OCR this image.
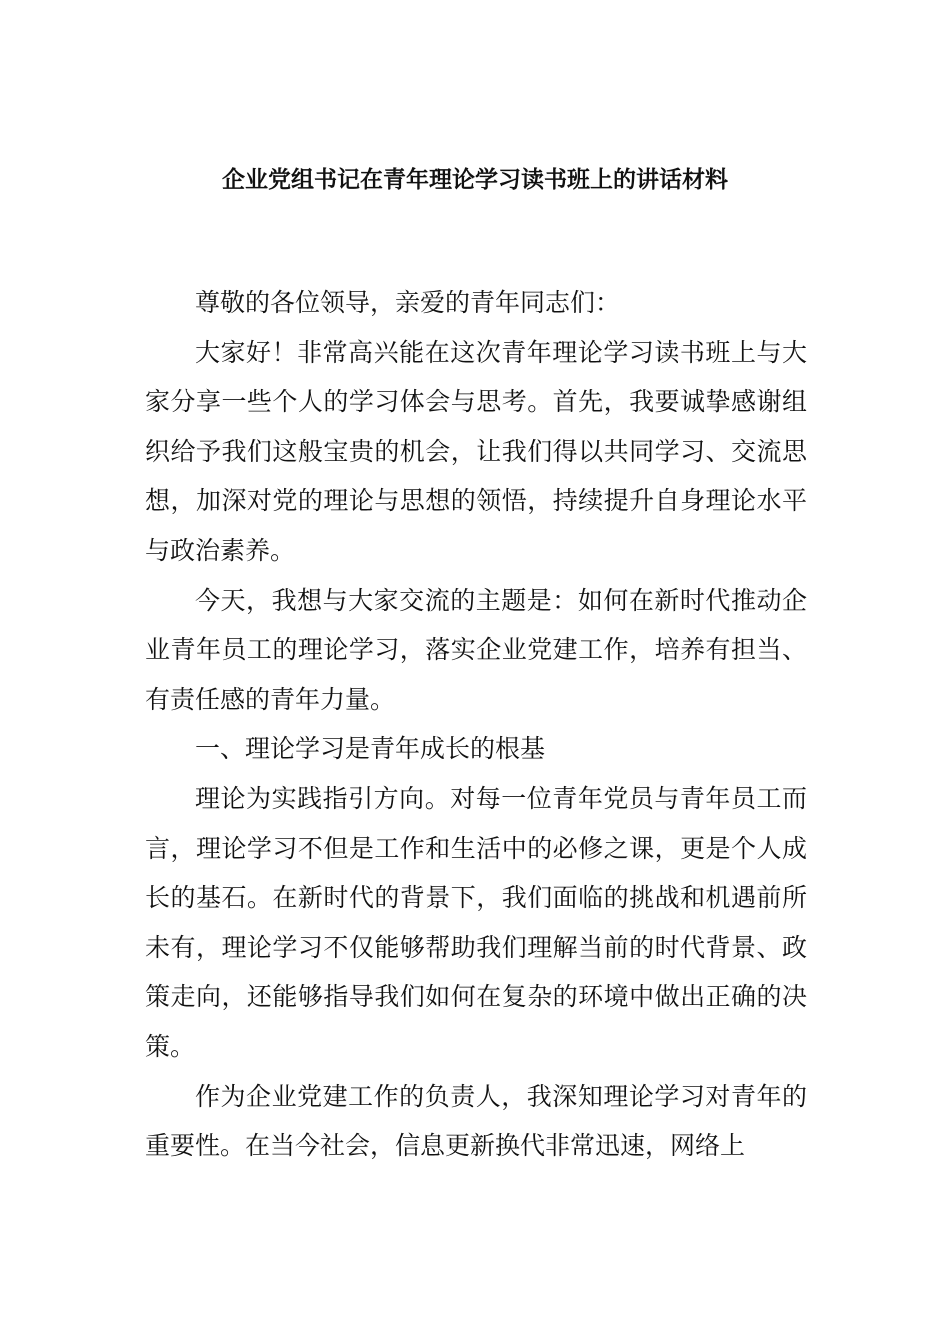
企业党组书记在青年理论学习读书班上的讲话材料

尊敬的各位领导，亲爱的青年同志们：

大家好！非常高兴能在这次青年理论学习读书班上与大家分享一些个人的学习体会与思考。首先，我要诚挚感谢组织给予我们这般宝贵的机会，让我们得以共同学习、交流思想，加深对党的理论与思想的领悟，持续提升自身理论水平与政治素养。

今天，我想与大家交流的主题是：如何在新时代推动企业青年员工的理论学习，落实企业党建工作，培养有担当、有责任感的青年力量。

一、理论学习是青年成长的根基

理论为实践指引方向。对每一位青年党员与青年员工而言，理论学习不但是工作和生活中的必修之课，更是个人成长的基石。在新时代的背景下，我们面临的挑战和机遇前所未有，理论学习不仅能够帮助我们理解当前的时代背景、政策走向，还能够指导我们如何在复杂的环境中做出正确的决策。

作为企业党建工作的负责人，我深知理论学习对青年的重要性。在当今社会，信息更新换代非常迅速，网络上
